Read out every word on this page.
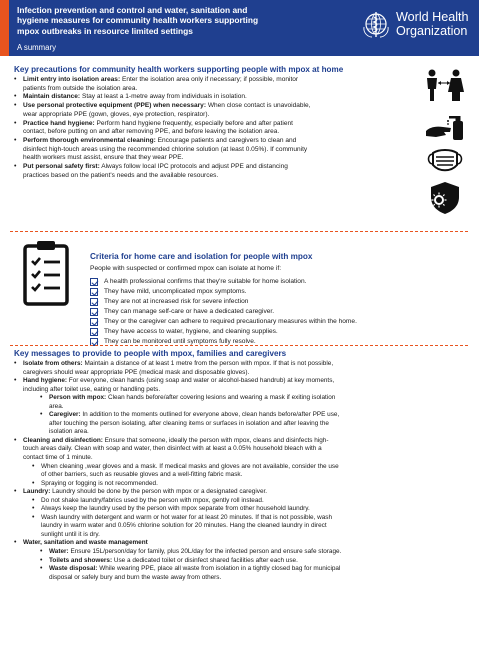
Infection prevention and control and water, sanitation and
hygiene measures for community health workers supporting
mpox outbreaks in resource limited settings
A summary
World Health
Organization
Key precautions for community health workers supporting people with mpox at home

• Limit entry into isolation areas: Enter the isolation area only if necessary; if possible, monitor
patients from outside the isolation area.

• Maintain distance: Stay at least a 1-metre away from individuals in isolation.

• Use personal protective equipment (PPE) when necessary: When close contact is unavoidable,
wear appropriate PPE (gown, gloves, eye protection, respirator).

• Practice hand hygiene: Perform hand hygiene frequently, especially before and after patient
contact, before putting on and after removing PPE, and before leaving the isolation area.

• Perform thorough environmental cleaning: Encourage patients and caregivers to clean and
disinfect high-touch areas using the recommended chlorine solution (at least 0.05%). If community
health workers must assist, ensure that they wear PPE.

• Put personal safety first: Always follow local IPC protocols and adjust PPE and distancing
practices based on the patient's needs and the available resources.

Criteria for home care and isolation for people with mpox
People with suspected or confirmed mpox can isolate at home if:
A health professional confirms that they're suitable for home isolation.
They have mild, uncomplicated mpox symptoms.
They are not at increased risk for severe infection
They can manage self-care or have a dedicated caregiver.
They or the caregiver can adhere to required precautionary measures within the home.
They have access to water, hygiene, and cleaning supplies.
They can be monitored until symptoms fully resolve.
Key messages to provide to people with mpox, families and caregivers

• Isolate from others: Maintain a distance of at least 1 metre from the person with mpox. If that is not possible,
caregivers should wear appropriate PPE (medical mask and disposable gloves).

• Hand hygiene: For everyone, clean hands (using soap and water or alcohol-based handrub) at key moments,
including after toilet use, eating or handling pets.

• Person with mpox: Clean hands before/after covering lesions and wearing a mask if exiting isolation
area.

• Caregiver: In addition to the moments outlined for everyone above, clean hands before/after PPE use,
after touching the person isolating, after cleaning items or surfaces in isolation and after leaving the
isolation area.

• Cleaning and disinfection: Ensure that someone, ideally the person with mpox, cleans and disinfects high-
touch areas daily. Clean with soap and water, then disinfect with at least a 0.05% household bleach with a
contact time of 1 minute.

• When cleaning ,wear gloves and a mask. If medical masks and gloves are not available, consider the use
of other barriers, such as reusable gloves and a well-fitting fabric mask.

• Spraying or fogging is not recommended.

• Laundry: Laundry should be done by the person with mpox or a designated caregiver.

• Do not shake laundry/fabrics used by the person with mpox, gently roll instead.

• Always keep the laundry used by the person with mpox separate from other household laundry.

• Wash laundry with detergent and warm or hot water for at least 20 minutes. If that is not possible, wash
laundry in warm water and 0.05% chlorine solution for 20 minutes. Hang the cleaned laundry in direct
sunlight until it is dry.

• Water, sanitation and waste management

• Water: Ensure 15L/person/day for family, plus 20L/day for the infected person and ensure safe storage.

• Toilets and showers: Use a dedicated toilet or disinfect shared facilities after each use.

• Waste disposal: While wearing PPE, place all waste from isolation in a tightly closed bag for municipal
disposal or safely bury and burn the waste away from others.
